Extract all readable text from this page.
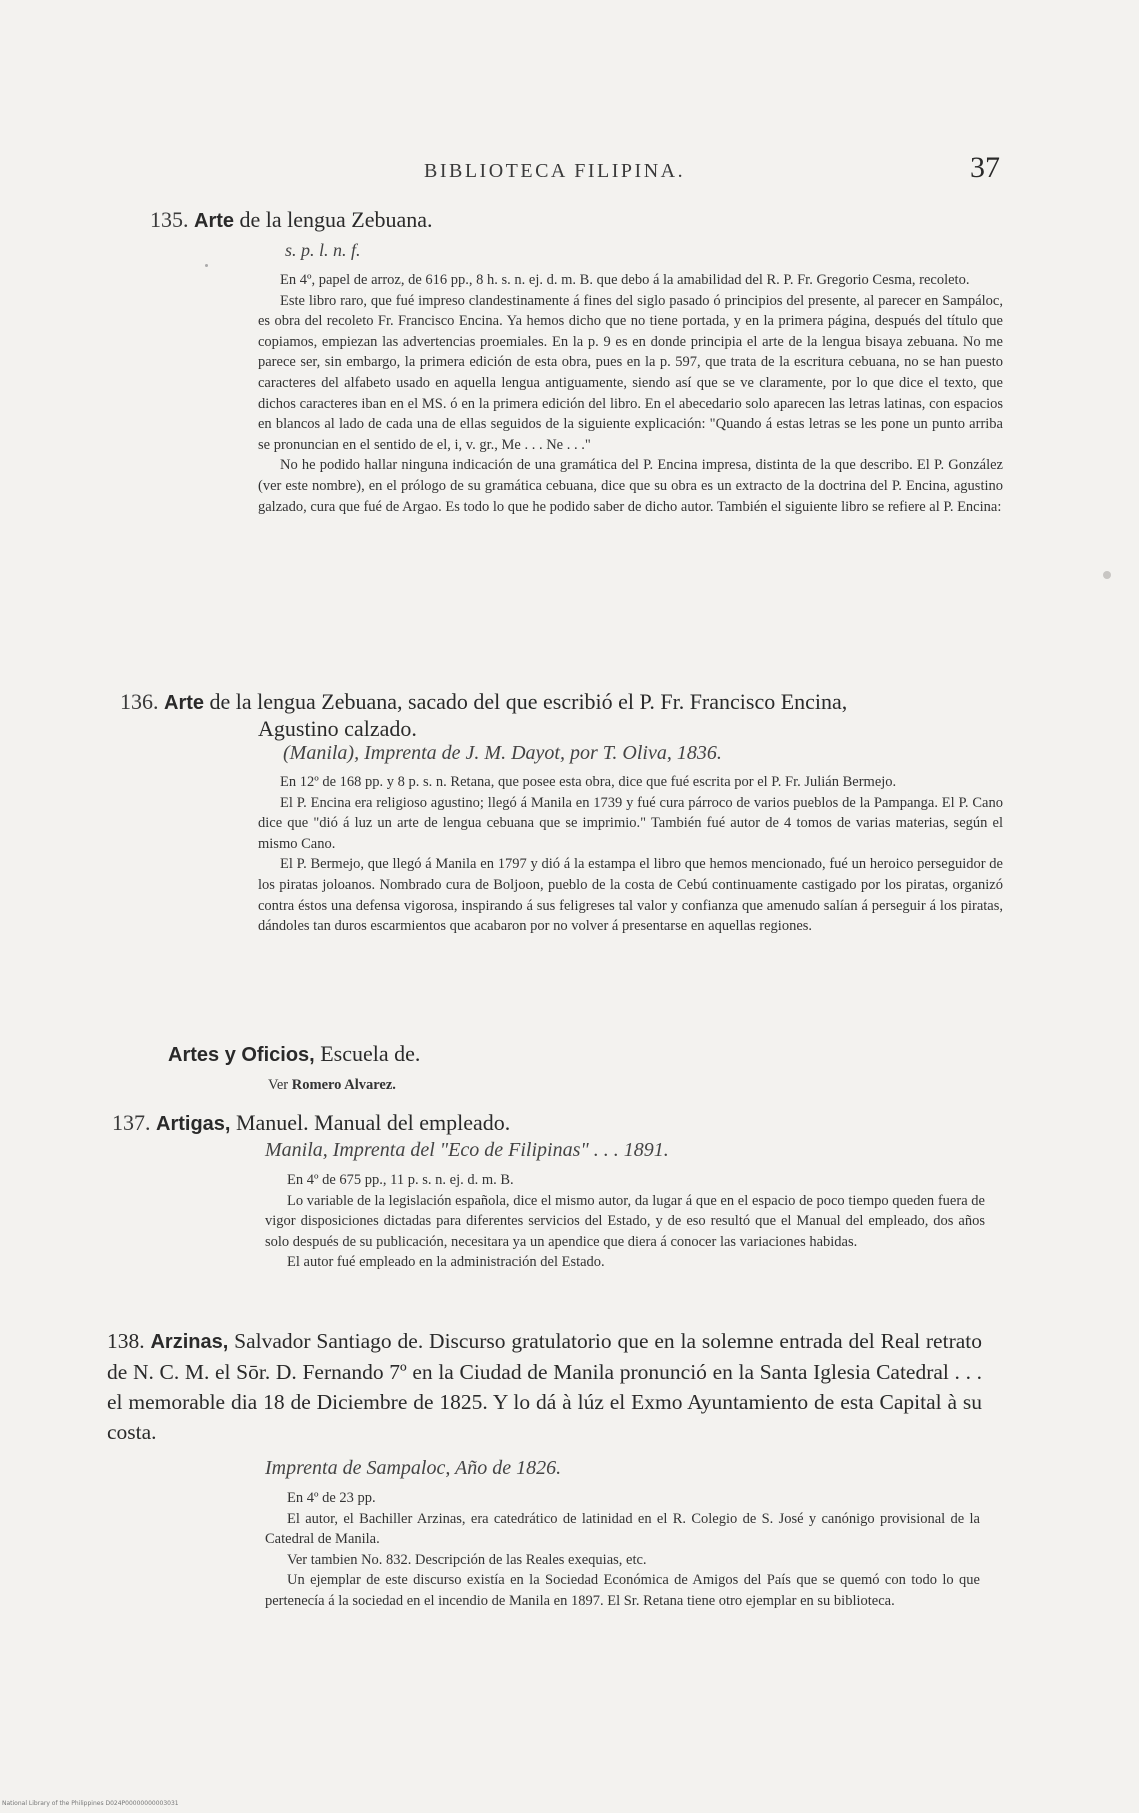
BIBLIOTECA FILIPINA.	37
135. Arte de la lengua Zebuana.
s. p. l. n. f.

En 4º, papel de arroz, de 616 pp., 8 h. s. n. ej. d. m. B. que debo á la amabilidad del R. P. Fr. Gregorio Cesma, recoleto.

Este libro raro, que fué impreso clandestinamente á fines del siglo pasado ó principios del presente, al parecer en Sampáloc, es obra del recoleto Fr. Francisco Encina. Ya hemos dicho que no tiene portada, y en la primera página, después del título que copiamos, empiezan las advertencias proemiales. En la p. 9 es en donde principia el arte de la lengua bisaya zebuana. No me parece ser, sin embargo, la primera edición de esta obra, pues en la p. 597, que trata de la escritura cebuana, no se han puesto caracteres del alfabeto usado en aquella lengua antiguamente, siendo así que se ve claramente, por lo que dice el texto, que dichos caracteres iban en el MS. ó en la primera edición del libro. En el abecedario solo aparecen las letras latinas, con espacios en blancos al lado de cada una de ellas seguidos de la siguiente explicación: "Quando á estas letras se les pone un punto arriba se pronuncian en el sentido de el, i, v. gr., Me . . . Ne . . ."

No he podido hallar ninguna indicación de una gramática del P. Encina impresa, distinta de la que describo. El P. González (ver este nombre), en el prólogo de su gramática cebuana, dice que su obra es un extracto de la doctrina del P. Encina, agustino galzado, cura que fué de Argao. Es todo lo que he podido saber de dicho autor. También el siguiente libro se refiere al P. Encina:

136. Arte de la lengua Zebuana, sacado del que escribió el P. Fr. Francisco Encina,
Agustino calzado.
(Manila), Imprenta de J. M. Dayot, por T. Oliva, 1836.

En 12º de 168 pp. y 8 p. s. n. Retana, que posee esta obra, dice que fué escrita por el P. Fr. Julián Bermejo.

El P. Encina era religioso agustino; llegó á Manila en 1739 y fué cura párroco de varios pueblos de la Pampanga. El P. Cano dice que "dió á luz un arte de lengua cebuana que se imprimio." También fué autor de 4 tomos de varias materias, según el mismo Cano.

El P. Bermejo, que llegó á Manila en 1797 y dió á la estampa el libro que hemos mencionado, fué un heroico perseguidor de los piratas joloanos. Nombrado cura de Boljoon, pueblo de la costa de Cebú continuamente castigado por los piratas, organizó contra éstos una defensa vigorosa, inspirando á sus feligreses tal valor y confianza que amenudo salían á perseguir á los piratas, dándoles tan duros escarmientos que acabaron por no volver á presentarse en aquellas regiones.

Artes y Oficios, Escuela de.
Ver Romero Alvarez.
137. Artigas, Manuel. Manual del empleado.
Manila, Imprenta del "Eco de Filipinas" . . . 1891.

En 4º de 675 pp., 11 p. s. n. ej. d. m. B.

Lo variable de la legislación española, dice el mismo autor, da lugar á que en el espacio de poco tiempo queden fuera de vigor disposiciones dictadas para diferentes servicios del Estado, y de eso resultó que el Manual del empleado, dos años solo después de su publicación, necesitara ya un apendice que diera á conocer las variaciones habidas.

El autor fué empleado en la administración del Estado.

138. Arzinas, Salvador Santiago de. Discurso gratulatorio que en la solemne entrada del Real retrato de N. C. M. el Sōr. D. Fernando 7º en la Ciudad de Manila pronunció en la Santa Iglesia Catedral . . . el memorable dia 18 de Diciembre de 1825. Y lo dá à lúz el Exmo Ayuntamiento de esta Capital à su costa.
Imprenta de Sampaloc, Año de 1826.

En 4º de 23 pp.

El autor, el Bachiller Arzinas, era catedrático de latinidad en el R. Colegio de S. José y canónigo provisional de la Catedral de Manila.

Ver tambien No. 832. Descripción de las Reales exequias, etc.

Un ejemplar de este discurso existía en la Sociedad Económica de Amigos del País que se quemó con todo lo que pertenecía á la sociedad en el incendio de Manila en 1897. El Sr. Retana tiene otro ejemplar en su biblioteca.

National Library of the Philippines D024P00000000003031
